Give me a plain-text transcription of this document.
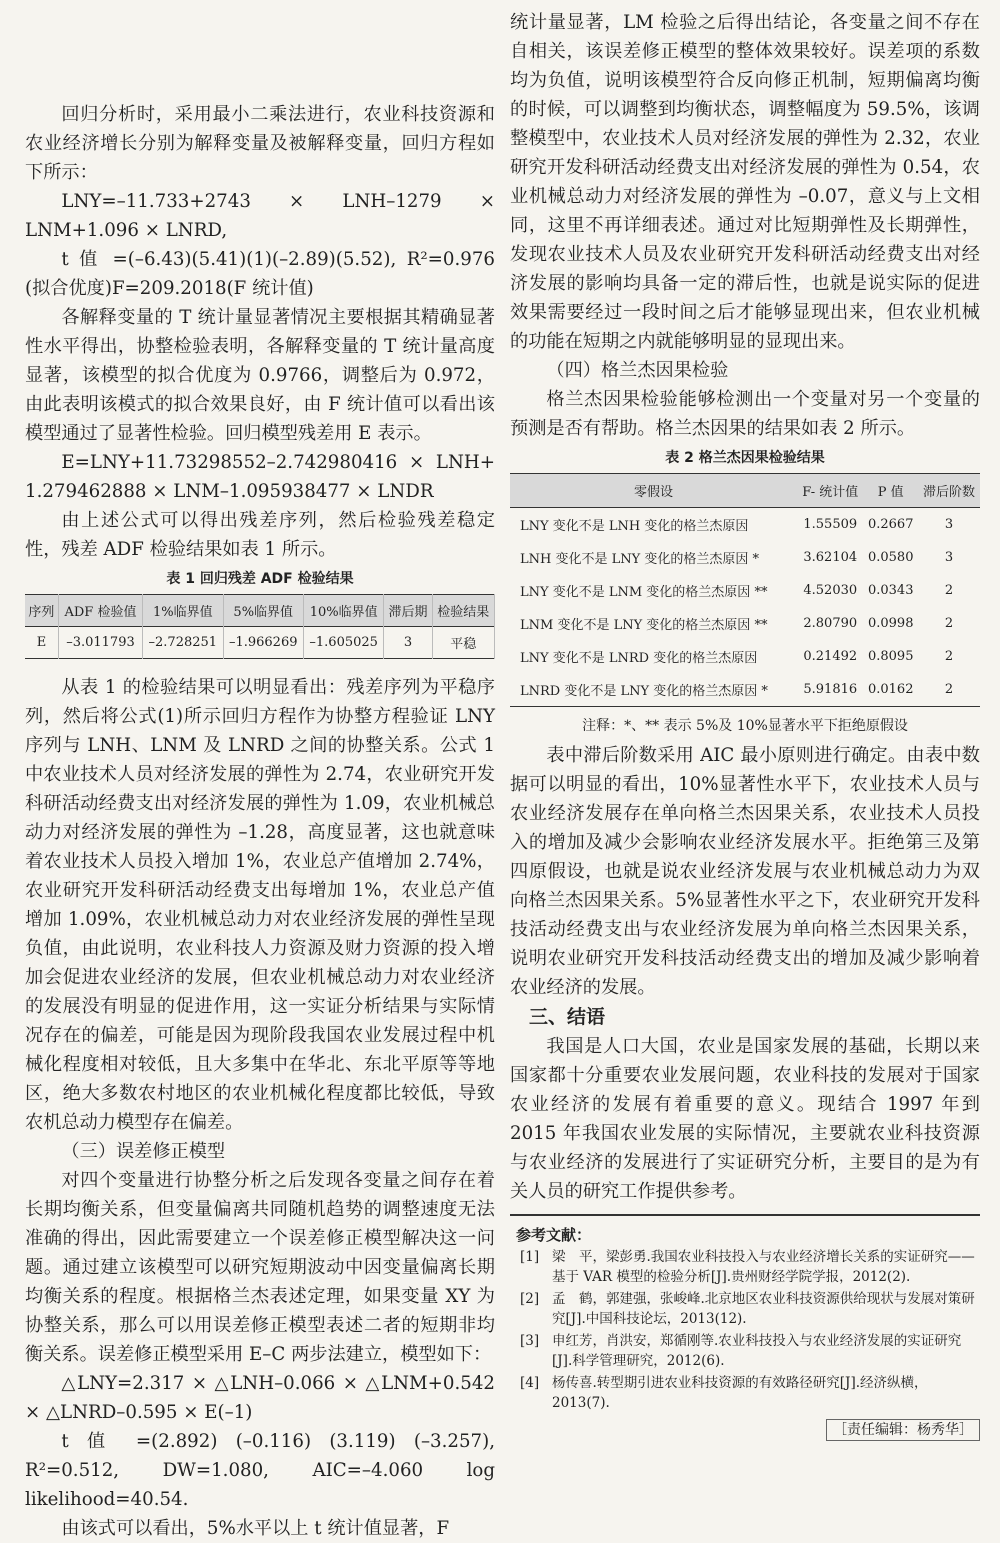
回归分析时，采用最小二乘法进行，农业科技资源和农业经济增长分别为解释变量及被解释变量，回归方程如下所示：

LNY=–11.733+2743 × LNH–1279 × LNM+1.096 × LNRD,

t 值 =(–6.43)(5.41)(1)(–2.89)(5.52), R²=0.976 (拟合优度)F=209.2018(F 统计值)

各解释变量的 T 统计量显著情况主要根据其精确显著性水平得出，协整检验表明，各解释变量的 T 统计量高度显著，该模型的拟合优度为 0.9766，调整后为 0.972，由此表明该模式的拟合效果良好，由 F 统计值可以看出该模型通过了显著性检验。回归模型残差用 E 表示。

E=LNY+11.73298552–2.742980416 × LNH+ 1.279462888 × LNM–1.095938477 × LNDR

由上述公式可以得出残差序列，然后检验残差稳定性，残差 ADF 检验结果如表 1 所示。

表 1 回归残差 ADF 检验结果
序列	ADF 检验值	1%临界值	5%临界值	10%临界值	滞后期	检验结果
E	–3.011793	–2.728251	–1.966269	–1.605025	3	平稳

从表 1 的检验结果可以明显看出：残差序列为平稳序列，然后将公式(1)所示回归方程作为协整方程验证 LNY 序列与 LNH、LNM 及 LNRD 之间的协整关系。公式 1 中农业技术人员对经济发展的弹性为 2.74，农业研究开发科研活动经费支出对经济发展的弹性为 1.09，农业机械总动力对经济发展的弹性为 –1.28，高度显著，这也就意味着农业技术人员投入增加 1%，农业总产值增加 2.74%，农业研究开发科研活动经费支出每增加 1%，农业总产值增加 1.09%，农业机械总动力对农业经济发展的弹性呈现负值，由此说明，农业科技人力资源及财力资源的投入增加会促进农业经济的发展，但农业机械总动力对农业经济的发展没有明显的促进作用，这一实证分析结果与实际情况存在的偏差，可能是因为现阶段我国农业发展过程中机械化程度相对较低，且大多集中在华北、东北平原等等地区，绝大多数农村地区的农业机械化程度都比较低，导致农机总动力模型存在偏差。

（三）误差修正模型

对四个变量进行协整分析之后发现各变量之间存在着长期均衡关系，但变量偏离共同随机趋势的调整速度无法准确的得出，因此需要建立一个误差修正模型解决这一问题。通过建立该模型可以研究短期波动中因变量偏离长期均衡关系的程度。根据格兰杰表述定理，如果变量 XY 为协整关系，那么可以用误差修正模型表述二者的短期非均衡关系。误差修正模型采用 E–C 两步法建立，模型如下：

△LNY=2.317 × △LNH–0.066 × △LNM+0.542 × △LNRD–0.595 × E(–1)

t 值 =(2.892) (–0.116) (3.119) (–3.257), R²=0.512, DW=1.080, AIC=–4.060 log likelihood=40.54.

由该式可以看出，5%水平以上 t 统计值显著，F

统计量显著，LM 检验之后得出结论，各变量之间不存在自相关，该误差修正模型的整体效果较好。误差项的系数均为负值，说明该模型符合反向修正机制，短期偏离均衡的时候，可以调整到均衡状态，调整幅度为 59.5%，该调整模型中，农业技术人员对经济发展的弹性为 2.32，农业研究开发科研活动经费支出对经济发展的弹性为 0.54，农业机械总动力对经济发展的弹性为 –0.07，意义与上文相同，这里不再详细表述。通过对比短期弹性及长期弹性，发现农业技术人员及农业研究开发科研活动经费支出对经济发展的影响均具备一定的滞后性，也就是说实际的促进效果需要经过一段时间之后才能够显现出来，但农业机械的功能在短期之内就能够明显的显现出来。

（四）格兰杰因果检验

格兰杰因果检验能够检测出一个变量对另一个变量的预测是否有帮助。格兰杰因果的结果如表 2 所示。

表 2 格兰杰因果检验结果
零假设	F- 统计值	P 值	滞后阶数
LNY 变化不是 LNH 变化的格兰杰原因	1.55509	0.2667	3
LNH 变化不是 LNY 变化的格兰杰原因 *	3.62104	0.0580	3
LNY 变化不是 LNM 变化的格兰杰原因 **	4.52030	0.0343	2
LNM 变化不是 LNY 变化的格兰杰原因 **	2.80790	0.0998	2
LNY 变化不是 LNRD 变化的格兰杰原因	0.21492	0.8095	2
LNRD 变化不是 LNY 变化的格兰杰原因 *	5.91816	0.0162	2
注释：*、** 表示 5%及 10%显著水平下拒绝原假设

表中滞后阶数采用 AIC 最小原则进行确定。由表中数据可以明显的看出，10%显著性水平下，农业技术人员与农业经济发展存在单向格兰杰因果关系，农业技术人员投入的增加及减少会影响农业经济发展水平。拒绝第三及第四原假设，也就是说农业经济发展与农业机械总动力为双向格兰杰因果关系。5%显著性水平之下，农业研究开发科技活动经费支出与农业经济发展为单向格兰杰因果关系，说明农业研究开发科技活动经费支出的增加及减少影响着农业经济的发展。

三、结语

我国是人口大国，农业是国家发展的基础，长期以来国家都十分重要农业发展问题，农业科技的发展对于国家农业经济的发展有着重要的意义。现结合 1997 年到 2015 年我国农业发展的实际情况，主要就农业科技资源与农业经济的发展进行了实证研究分析，主要目的是为有关人员的研究工作提供参考。

参考文献：
[1] 梁　平，梁彭勇.我国农业科技投入与农业经济增长关系的实证研究——基于 VAR 模型的检验分析[J].贵州财经学院学报，2012(2).
[2] 孟　鹤，郭建强，张峻峰.北京地区农业科技资源供给现状与发展对策研究[J].中国科技论坛，2013(12).
[3] 申红芳，肖洪安，郑循刚等.农业科技投入与农业经济发展的实证研究[J].科学管理研究，2012(6).
[4] 杨传喜.转型期引进农业科技资源的有效路径研究[J].经济纵横，2013(7).
［责任编辑：杨秀华］
